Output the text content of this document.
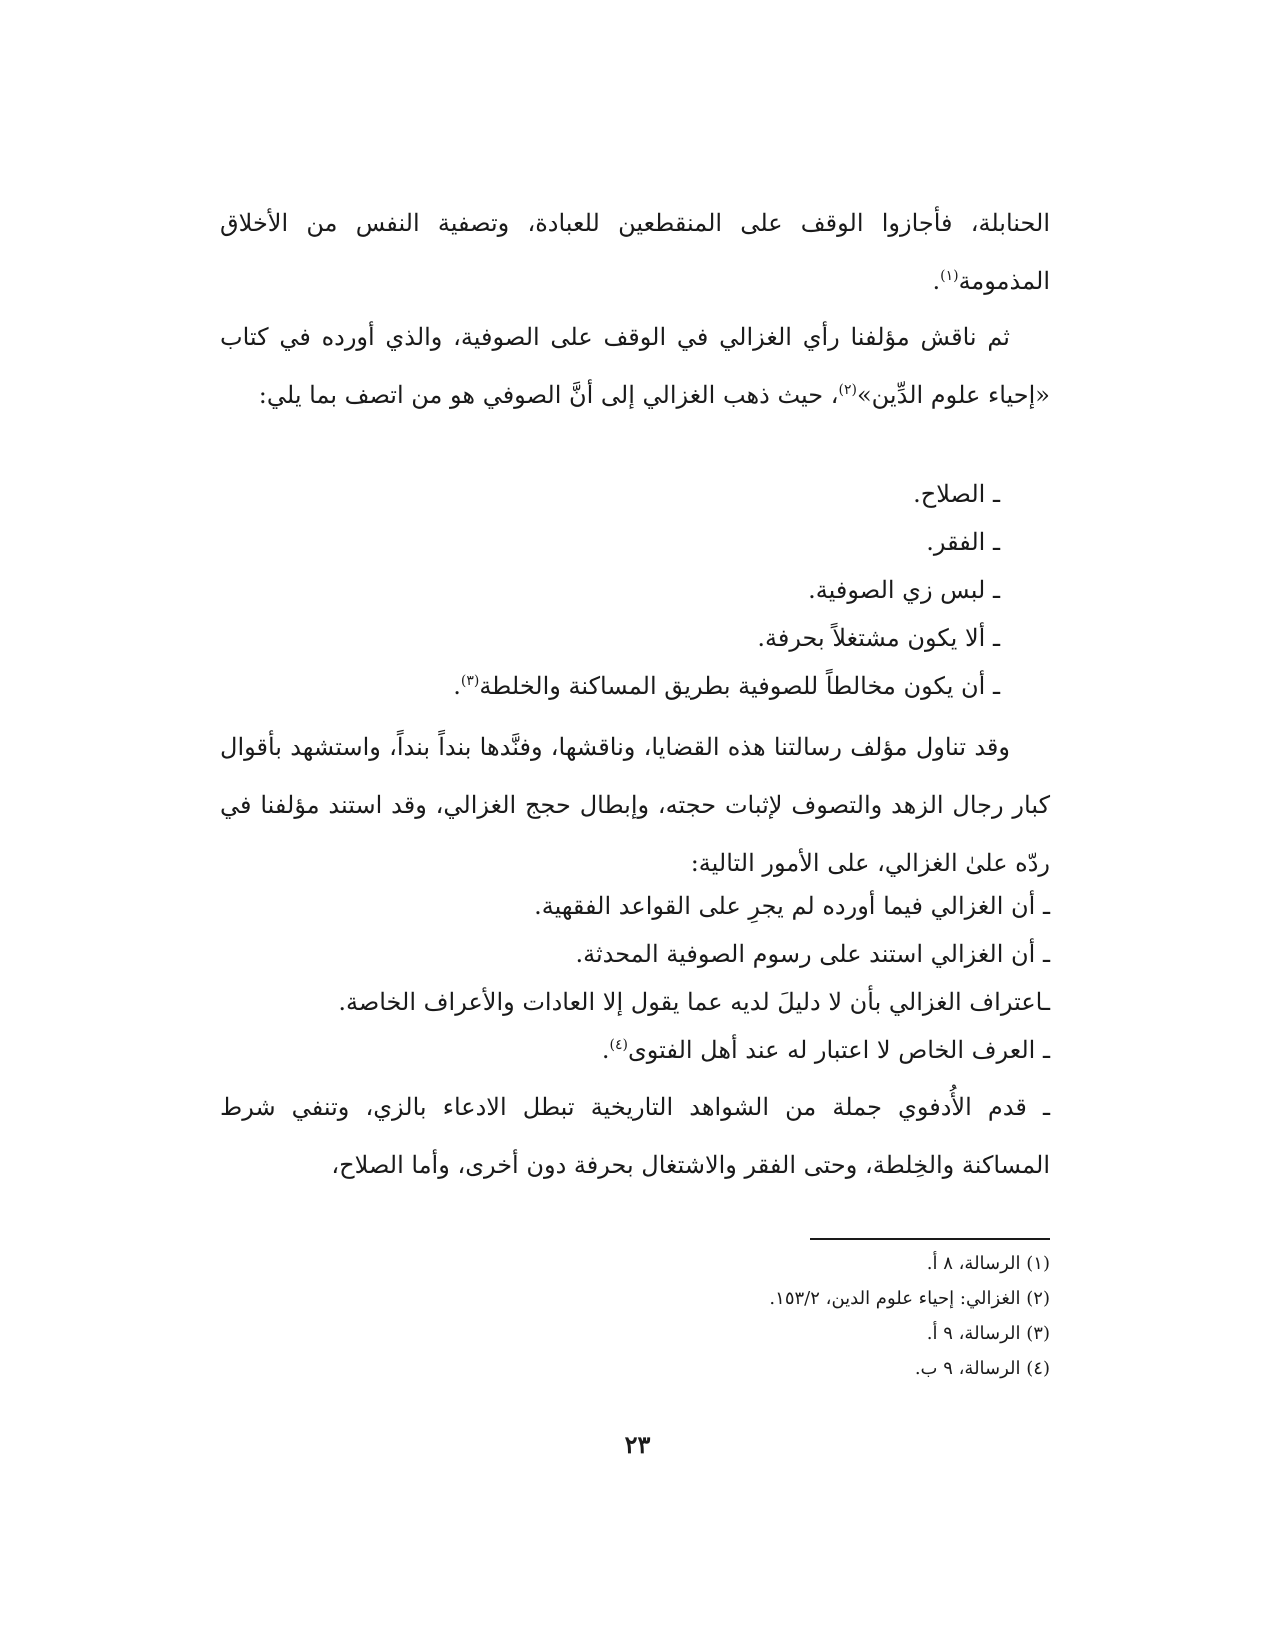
الحنابلة، فأجازوا الوقف على المنقطعين للعبادة، وتصفية النفس من الأخلاق المذمومة$^{(١)}$.

ثم ناقش مؤلفنا رأي الغزالي في الوقف على الصوفية، والذي أورده في كتاب «إحياء علوم الدِّين»$^{(٢)}$، حيث ذهب الغزالي إلى أنَّ الصوفي هو من اتصف بما يلي:

ـ الصلاح.

ـ الفقر.

ـ لبس زي الصوفية.

ـ ألا يكون مشتغلاً بحرفة.

ـ أن يكون مخالطاً للصوفية بطريق المساكنة والخلطة$^{(٣)}$.

وقد تناول مؤلف رسالتنا هذه القضايا، وناقشها، وفنَّدها بنداً بنداً، واستشهد بأقوال كبار رجال الزهد والتصوف لإثبات حجته، وإبطال حجج الغزالي، وقد استند مؤلفنا في ردّه علىٰ الغزالي، على الأمور التالية:

ـ أن الغزالي فيما أورده لم يجرِ على القواعد الفقهية.

ـ أن الغزالي استند على رسوم الصوفية المحدثة.

ـاعتراف الغزالي بأن لا دليلَ لديه عما يقول إلا العادات والأعراف الخاصة.

ـ العرف الخاص لا اعتبار له عند أهل الفتوى$^{(٤)}$.

ـ قدم الأُدفوي جملة من الشواهد التاريخية تبطل الادعاء بالزي، وتنفي شرط المساكنة والخِلطة، وحتى الفقر والاشتغال بحرفة دون أخرى، وأما الصلاح،

(١) الرسالة، ٨ أ.

(٢) الغزالي: إحياء علوم الدين، ١٥٣/٢.

(٣) الرسالة، ٩ أ.

(٤) الرسالة، ٩ ب.

٢٣
